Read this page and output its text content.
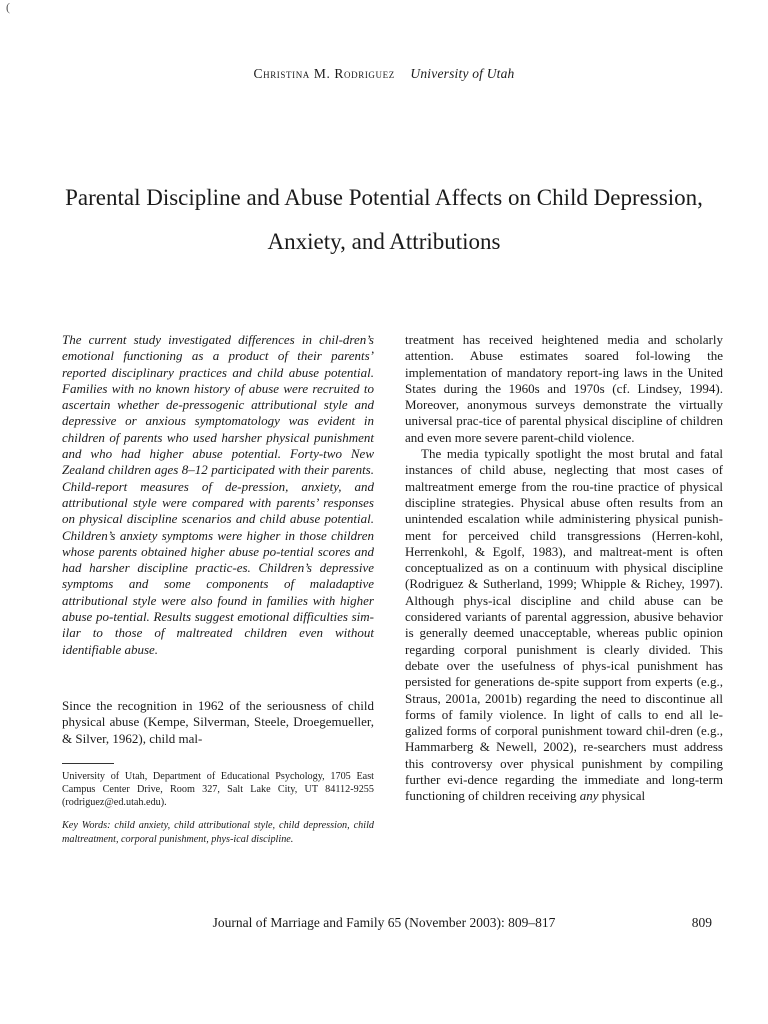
(
Christina M. Rodriguez University of Utah
Parental Discipline and Abuse Potential Affects on Child Depression, Anxiety, and Attributions

The current study investigated differences in chil-dren’s emotional functioning as a product of their parents’ reported disciplinary practices and child abuse potential. Families with no known history of abuse were recruited to ascertain whether de-pressogenic attributional style and depressive or anxious symptomatology was evident in children of parents who used harsher physical punishment and who had higher abuse potential. Forty-two New Zealand children ages 8–12 participated with their parents. Child-report measures of de-pression, anxiety, and attributional style were compared with parents’ responses on physical discipline scenarios and child abuse potential. Children’s anxiety symptoms were higher in those children whose parents obtained higher abuse po-tential scores and had harsher discipline practic-es. Children’s depressive symptoms and some components of maladaptive attributional style were also found in families with higher abuse po-tential. Results suggest emotional difficulties sim-ilar to those of maltreated children even without identifiable abuse.

Since the recognition in 1962 of the seriousness of child physical abuse (Kempe, Silverman, Steele, Droegemueller, & Silver, 1962), child mal-

University of Utah, Department of Educational Psychology, 1705 East Campus Center Drive, Room 327, Salt Lake City, UT 84112-9255 (rodriguez@ed.utah.edu).

Key Words: child anxiety, child attributional style, child depression, child maltreatment, corporal punishment, phys-ical discipline.

treatment has received heightened media and scholarly attention. Abuse estimates soared fol-lowing the implementation of mandatory report-ing laws in the United States during the 1960s and 1970s (cf. Lindsey, 1994). Moreover, anonymous surveys demonstrate the virtually universal prac-tice of parental physical discipline of children and even more severe parent-child violence.

The media typically spotlight the most brutal and fatal instances of child abuse, neglecting that most cases of maltreatment emerge from the rou-tine practice of physical discipline strategies. Physical abuse often results from an unintended escalation while administering physical punish-ment for perceived child transgressions (Herren-kohl, Herrenkohl, & Egolf, 1983), and maltreat-ment is often conceptualized as on a continuum with physical discipline (Rodriguez & Sutherland, 1999; Whipple & Richey, 1997). Although phys-ical discipline and child abuse can be considered variants of parental aggression, abusive behavior is generally deemed unacceptable, whereas public opinion regarding corporal punishment is clearly divided. This debate over the usefulness of phys-ical punishment has persisted for generations de-spite support from experts (e.g., Straus, 2001a, 2001b) regarding the need to discontinue all forms of family violence. In light of calls to end all le-galized forms of corporal punishment toward chil-dren (e.g., Hammarberg & Newell, 2002), re-searchers must address this controversy over physical punishment by compiling further evi-dence regarding the immediate and long-term functioning of children receiving any physical

Journal of Marriage and Family 65 (November 2003): 809–817	809
